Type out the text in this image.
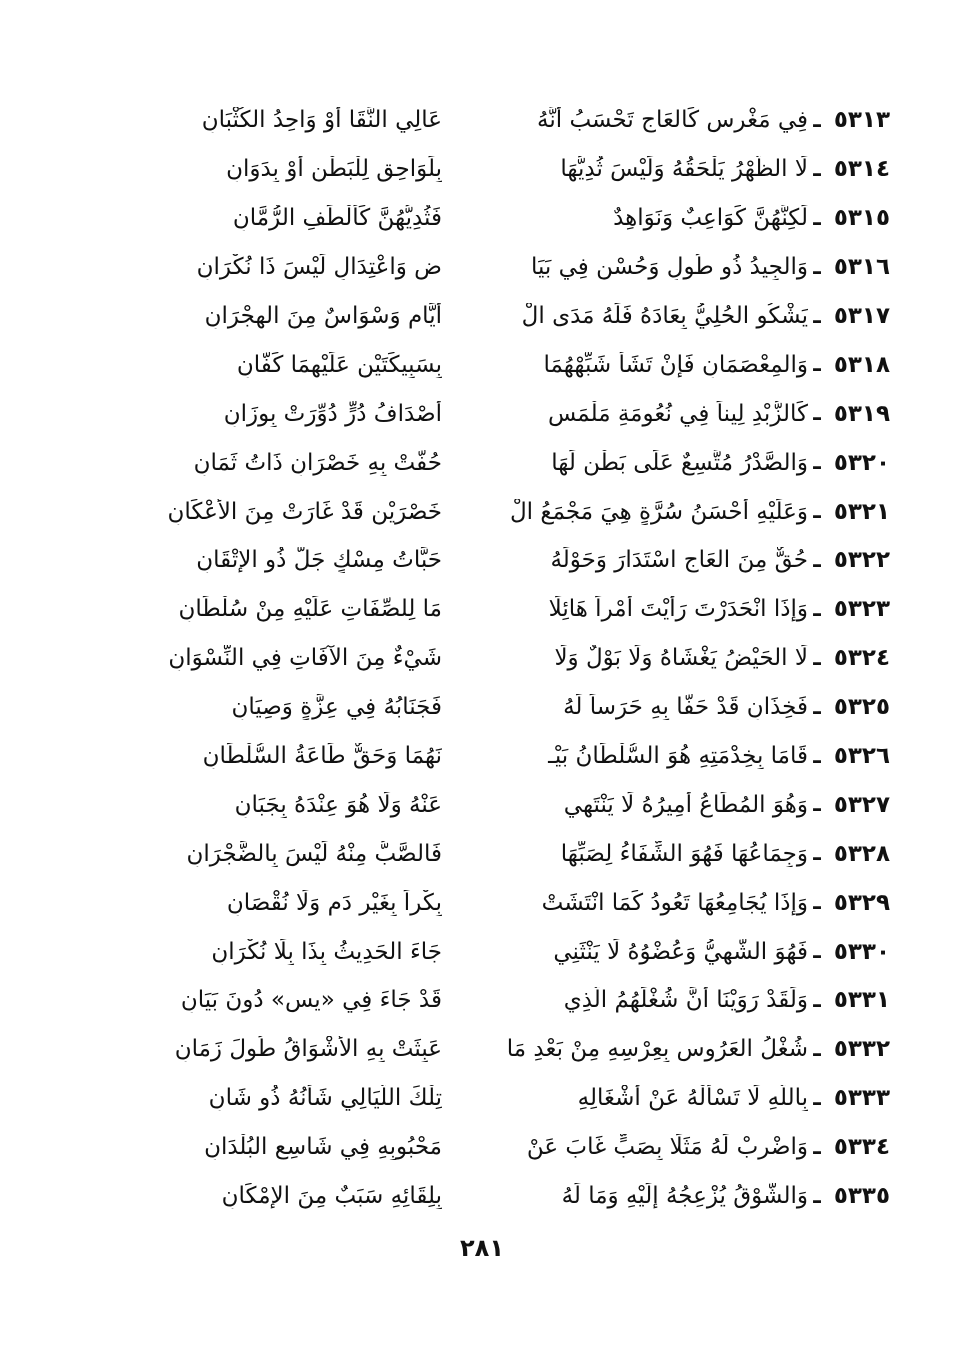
٥٣١٣
ـ
فِي مَغْرِسٍ كَالعَاجِ تَحْسَبُ أَنَّهُ
عَالِي النَّقَا أَوْ وَاحِدُ الكُثْبَانِ
٥٣١٤
ـ
لَا الظَّهْرُ يَلْحَقُهُ وَلَيْسَ ثُدِيُّهَا
بِلَوَاحِقٍ لِلْبَطْنِ أَوْ بِدَوَانِ
٥٣١٥
ـ
لَكِنَّهُنَّ كَوَاعِبٌ وَنَوَاهِدٌ
فَثُدِيُّهُنَّ كَأَلْطَفِ الرُّمَّانِ
٥٣١٦
ـ
وَالجِيدُ ذُو طُولٍ وَحُسْنٍ فِي بَيَا
ضٍ وَاعْتِدَالٍ لَيْسَ ذَا نُكْرَانِ
٥٣١٧
ـ
يَشْكُو الحُلِيُّ بِعَادَهُ فَلَهُ مَدَى الْ
أَيَّامِ وَسْوَاسٌ مِنَ الهِجْرَانِ
٥٣١٨
ـ
وَالمِعْصَمَانِ فَإِنْ تَشَأْ شَبِّهْهُمَا
بِسَبِيكَتَيْنِ عَلَيْهِمَا كَفَّانِ
٥٣١٩
ـ
كَالزُّبْدِ لِيناً فِي نُعُومَةِ مَلْمَسٍ
أَصْدَافُ دُرٍّ دُوِّرَتْ بِوِزَانِ
٥٣٢٠
ـ
وَالصَّدْرُ مُتَّسِعٌ عَلَى بَطْنٍ لَهَا
حُفَّتْ بِهِ خَصْرَانِ ذَاتُ ثَمَانِ
٥٣٢١
ـ
وَعَلَيْهِ أَحْسَنُ سُرَّةٍ هِيَ مَجْمَعُ الْ
خَصْرَيْنِ قَدْ غَارَتْ مِنَ الأَعْكَانِ
٥٣٢٢
ـ
حُقٌّ مِنَ العَاجِ اسْتَدَارَ وَحَوْلَهُ
حَبَّاتُ مِسْكٍ جَلَّ ذُو الإِتْقَانِ
٥٣٢٣
ـ
وَإِذَا انْحَدَرْتَ رَأَيْتَ أَمْراً هَائِلًا
مَا لِلصِّفَاتِ عَلَيْهِ مِنْ سُلْطَانِ
٥٣٢٤
ـ
لَا الحَيْضُ يَغْشَاهُ وَلَا بَوْلٌ وَلَا
شَيْءٌ مِنَ الآفَاتِ فِي النِّسْوَانِ
٥٣٢٥
ـ
فَخِذَانِ قَدْ حَفَّا بِهِ حَرَساً لَهُ
فَجَنَابُهُ فِي عِزَّةٍ وَصِيَانِ
٥٣٢٦
ـ
قَامَا بِخِدْمَتِهِ هُوَ السُّلْطَانُ بَيْـ
نَهُمَا وَحَقٌّ طَاعَةُ السُّلْطَانِ
٥٣٢٧
ـ
وَهُوَ المُطَاعُ أَمِيرُهُ لَا يَنْتَهِي
عَنْهُ وَلَا هُوَ عِنْدَهُ بِجَبَانِ
٥٣٢٨
ـ
وَجِمَاعُهَا فَهُوَ الشِّفَاءُ لِصَبِّهَا
فَالصَّبُّ مِنْهُ لَيْسَ بِالضَّجْرَانِ
٥٣٢٩
ـ
وَإِذَا يُجَامِعُهَا تَعُودُ كَمَا انْتَشَتْ
بِكْراً بِغَيْرِ دَمٍ وَلَا نُقْصَانِ
٥٣٣٠
ـ
فَهُوَ الشَّهِيُّ وَعُضْوُهُ لَا يَنْثَنِي
جَاءَ الحَدِيثُ بِذَا بِلَا نُكْرَانِ
٥٣٣١
ـ
وَلَقَدْ رَوَيْنَا أَنَّ شُغْلَهُمُ الَّذِي
قَدْ جَاءَ فِي «يس» دُونَ بَيَانِ
٥٣٣٢
ـ
شُغْلُ العَرُوسِ بِعِرْسِهِ مِنْ بَعْدِ مَا
عَبِثَتْ بِهِ الأَشْوَاقُ طُولَ زَمَانِ
٥٣٣٣
ـ
بِاللَّهِ لَا تَسْأَلْهُ عَنْ أَشْغَالِهِ
تِلْكَ اللَّيَالِي شَأْنُهُ ذُو شَانِ
٥٣٣٤
ـ
وَاضْرِبْ لَهُ مَثَلًا بِصَبٍّ غَابَ عَنْ
مَحْبُوبِهِ فِي شَاسِعِ البُلْدَانِ
٥٣٣٥
ـ
وَالشَّوْقُ يُزْعِجُهُ إِلَيْهِ وَمَا لَهُ
بِلِقَائِهِ سَبَبٌ مِنَ الإِمْكَانِ
٢٨١
